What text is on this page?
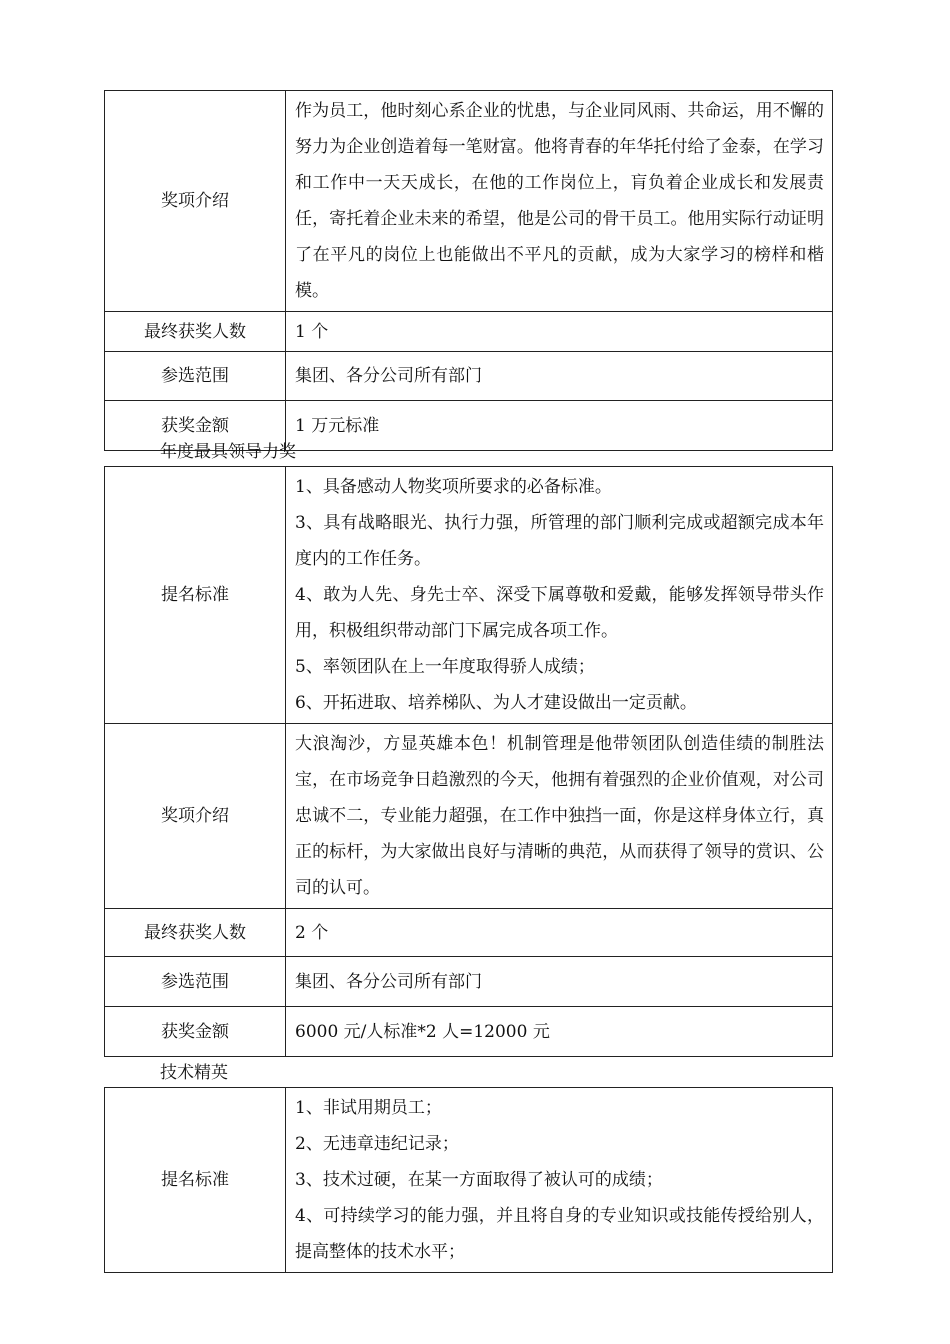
奖项介绍	作为员工，他时刻心系企业的忧患，与企业同风雨、共命运，用不懈的努力为企业创造着每一笔财富。他将青春的年华托付给了金泰，在学习和工作中一天天成长，在他的工作岗位上，肓负着企业成长和发展责任，寄托着企业未来的希望，他是公司的骨干员工。他用实际行动证明了在平凡的岗位上也能做出不平凡的贡献，成为大家学习的榜样和楷模。

最终获奖人数	1 个

参选范围	集团、各分公司所有部门

获奖金额	1 万元标准

年度最具领导力奖

提名标准	1、具备感动人物奖项所要求的必备标准。

3、具有战略眼光、执行力强，所管理的部门顺利完成或超额完成本年度内的工作任务。

4、敢为人先、身先士卒、深受下属尊敬和爱戴，能够发挥领导带头作用，积极组织带动部门下属完成各项工作。

5、率领团队在上一年度取得骄人成绩；

6、开拓进取、培养梯队、为人才建设做出一定贡献。

奖项介绍	大浪淘沙，方显英雄本色！机制管理是他带领团队创造佳绩的制胜法宝，在市场竞争日趋激烈的今天，他拥有着强烈的企业价值观，对公司忠诚不二，专业能力超强，在工作中独挡一面，你是这样身体立行，真正的标杆，为大家做出良好与清晰的典范，从而获得了领导的赏识、公司的认可。

最终获奖人数	2 个

参选范围	集团、各分公司所有部门

获奖金额	6000 元/人标准*2 人=12000 元

技术精英

提名标准	

1、非试用期员工；

2、无违章违纪记录；

3、技术过硬，在某一方面取得了被认可的成绩；

4、可持续学习的能力强，并且将自身的专业知识或技能传授给别人，提高整体的技术水平；
